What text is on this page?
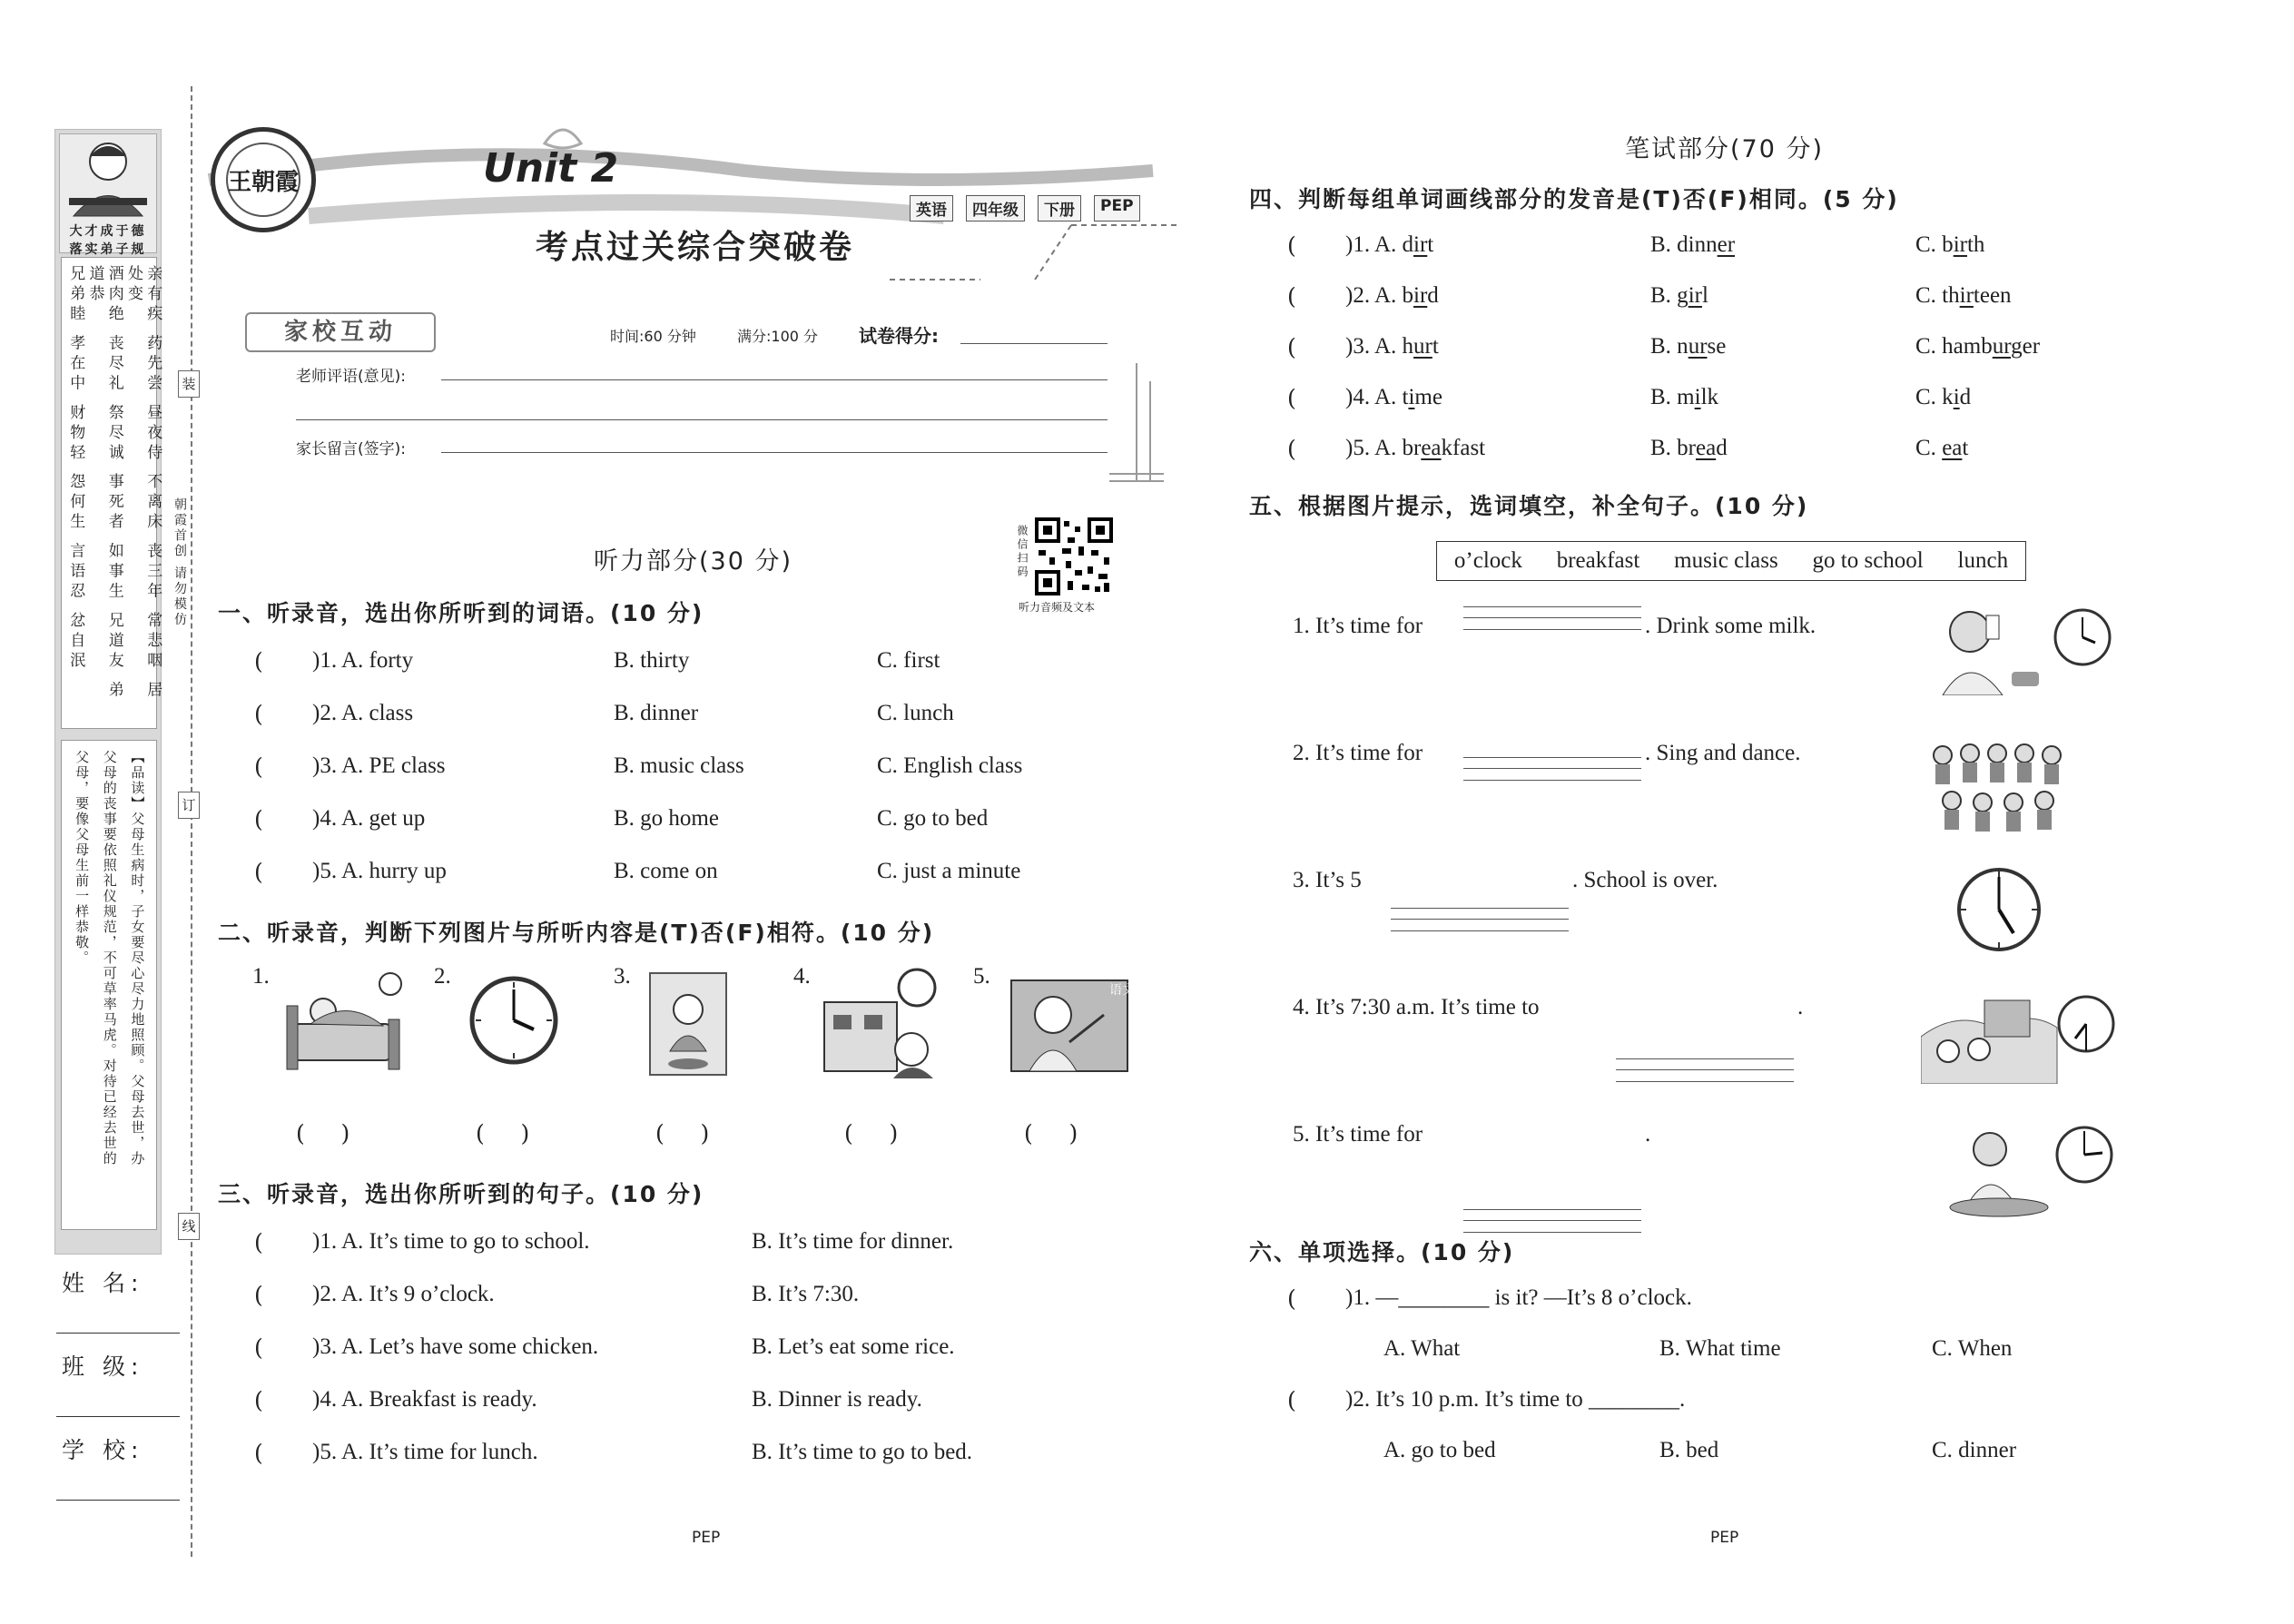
大才成于德
落实弟子规
亲有疾 药先尝 昼夜侍 不离床 丧三年 常悲咽 居处变
酒肉绝 丧尽礼 祭尽诚 事死者 如事生 兄道友 弟道恭
兄弟睦 孝在中 财物轻 怨何生 言语忍 忿自泯
【品读】父母生病时，子女要尽心尽力地照顾。父母去世，办
父母的丧事要依照礼仪规范，不可草率马虎。对待已经去世的
父母，要像父母生前一样恭敬。
姓 名:
班 级:
学 校:
装
订
线
朝霞首创 请勿模仿
王朝霞	Unit 2
考点过关综合突破卷
英语	四年级	下册	PEP
家校互动	时间:60 分钟	满分:100 分 试卷得分:
老师评语(意见):
家长留言(签字):
微信扫码
听力音频及文本
听力部分(30 分)
一、听录音，选出你所听到的词语。(10 分)
( )1. A. forty	B. thirty	C. first
( )2. A. class	B. dinner	C. lunch
( )3. A. PE class	B. music class	C. English class
( )4. A. get up	B. go home	C. go to bed
( )5. A. hurry up	B. come on	C. just a minute
二、听录音，判断下列图片与所听内容是(T)否(F)相符。(10 分)
1.	2.	3.	4.	5.
语文
(     )	(     )	(     )	(     )	(     )
三、听录音，选出你所听到的句子。(10 分)
( )1. A. It’s time to go to school.	B. It’s time for dinner.
( )2. A. It’s 9 o’clock.	B. It’s 7:30.
( )3. A. Let’s have some chicken.	B. Let’s eat some rice.
( )4. A. Breakfast is ready.	B. Dinner is ready.
( )5. A. It’s time for lunch.	B. It’s time to go to bed.
笔试部分(70 分)
四、判断每组单词画线部分的发音是(T)否(F)相同。(5 分)
( )1. A. dirt	B. dinner	C. birth
( )2. A. bird	B. girl	C. thirteen
( )3. A. hurt	B. nurse	C. hamburger
( )4. A. time	B. milk	C. kid
( )5. A. breakfast	B. bread	C. eat
五、根据图片提示，选词填空，补全句子。(10 分)
o’clock breakfast music class go to school lunch
1. It’s time for	. Drink some milk.
2. It’s time for	. Sing and dance.
3. It’s 5	. School is over.
4. It’s 7:30 a.m. It’s time to	.
5. It’s time for	.
六、单项选择。(10 分)
( )1. —________ is it? —It’s 8 o’clock.
A. What	B. What time	C. When
( )2. It’s 10 p.m. It’s time to ________.
A. go to bed	B. bed	C. dinner
PEP	PEP
